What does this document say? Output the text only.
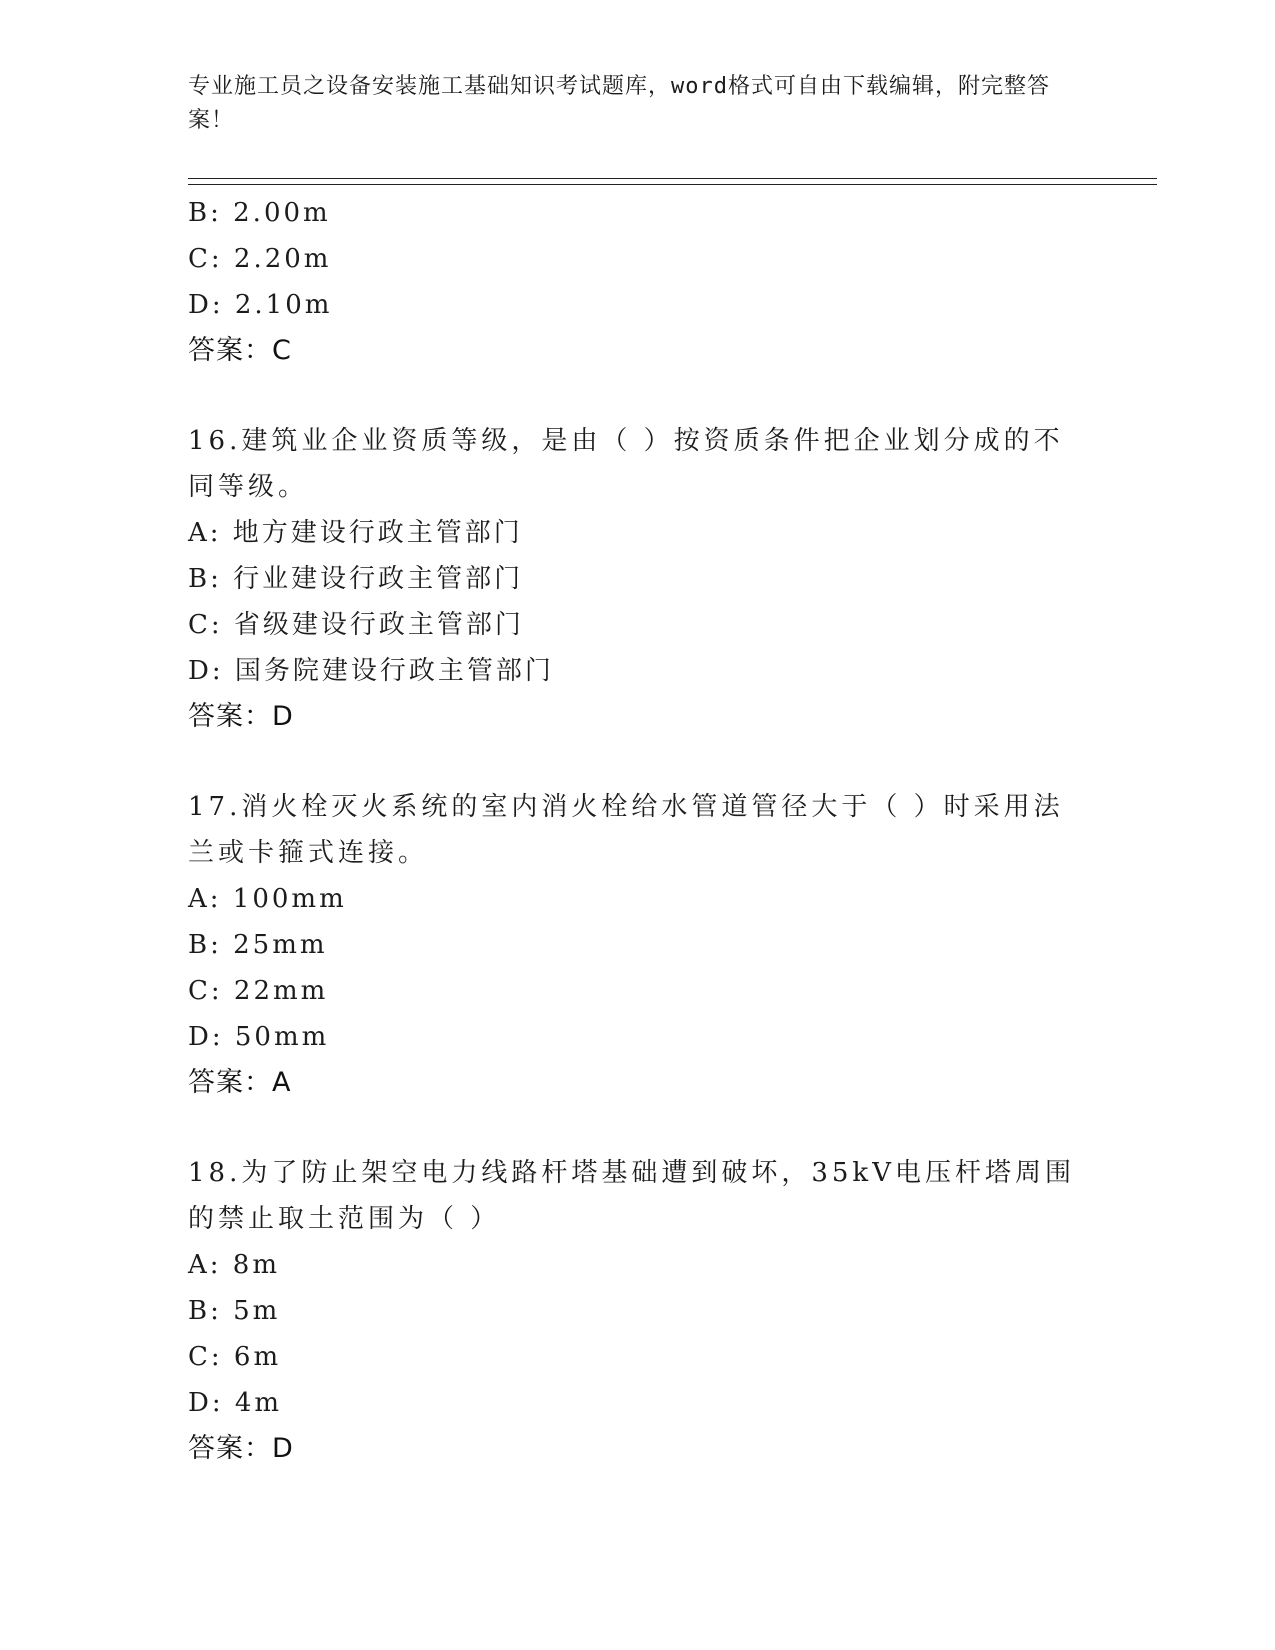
专业施工员之设备安装施工基础知识考试题库，word格式可自由下载编辑，附完整答案！
B: 2.00m
C: 2.20m
D: 2.10m
答案：C
16.建筑业企业资质等级，是由（ ）按资质条件把企业划分成的不同等级。
A: 地方建设行政主管部门
B: 行业建设行政主管部门
C: 省级建设行政主管部门
D: 国务院建设行政主管部门
答案：D
17.消火栓灭火系统的室内消火栓给水管道管径大于（ ）时采用法兰或卡箍式连接。
A: 100mm
B: 25mm
C: 22mm
D: 50mm
答案：A
18.为了防止架空电力线路杆塔基础遭到破坏，35kV电压杆塔周围的禁止取土范围为（ ）
A: 8m
B: 5m
C: 6m
D: 4m
答案：D
